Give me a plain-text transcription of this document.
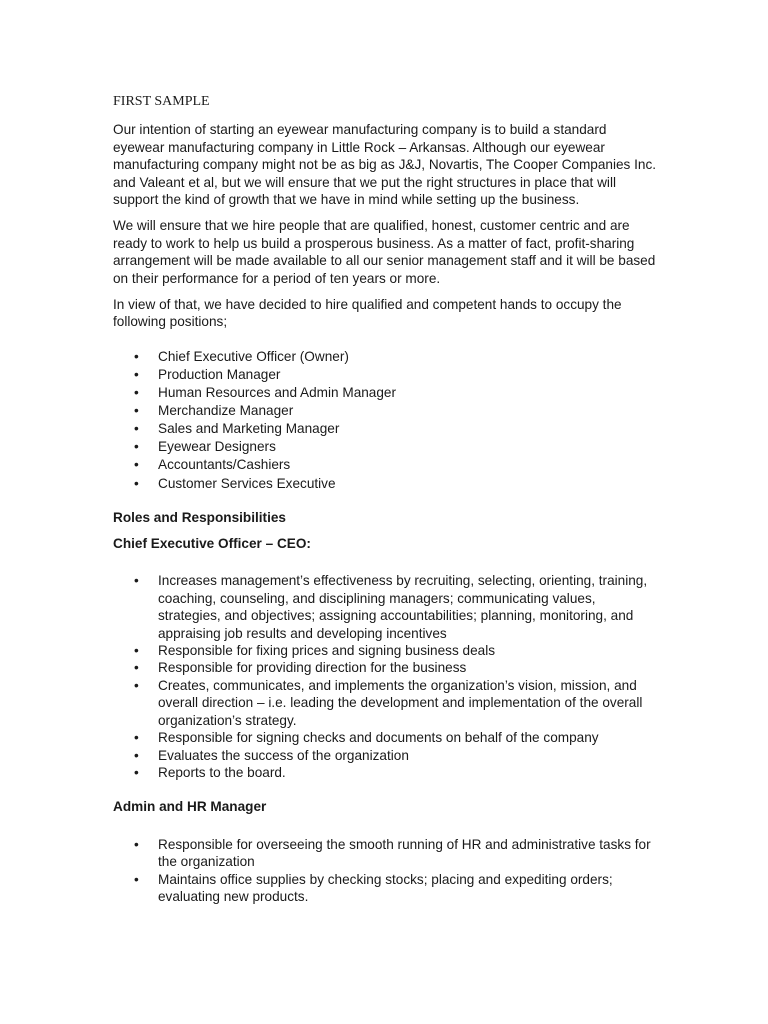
FIRST SAMPLE

Our intention of starting an eyewear manufacturing company is to build a standard eyewear manufacturing company in Little Rock – Arkansas. Although our eyewear manufacturing company might not be as big as J&J, Novartis, The Cooper Companies Inc. and Valeant et al, but we will ensure that we put the right structures in place that will support the kind of growth that we have in mind while setting up the business.

We will ensure that we hire people that are qualified, honest, customer centric and are ready to work to help us build a prosperous business. As a matter of fact, profit-sharing arrangement will be made available to all our senior management staff and it will be based on their performance for a period of ten years or more.

In view of that, we have decided to hire qualified and competent hands to occupy the following positions;

• Chief Executive Officer (Owner)
• Production Manager
• Human Resources and Admin Manager
• Merchandize Manager
• Sales and Marketing Manager
• Eyewear Designers
• Accountants/Cashiers
• Customer Services Executive
Roles and Responsibilities
Chief Executive Officer – CEO:
• Increases management’s effectiveness by recruiting, selecting, orienting, training, coaching, counseling, and disciplining managers; communicating values, strategies, and objectives; assigning accountabilities; planning, monitoring, and appraising job results and developing incentives
• Responsible for fixing prices and signing business deals
• Responsible for providing direction for the business
• Creates, communicates, and implements the organization’s vision, mission, and overall direction – i.e. leading the development and implementation of the overall organization’s strategy.
• Responsible for signing checks and documents on behalf of the company
• Evaluates the success of the organization
• Reports to the board.
Admin and HR Manager
• Responsible for overseeing the smooth running of HR and administrative tasks for the organization
• Maintains office supplies by checking stocks; placing and expediting orders; evaluating new products.
